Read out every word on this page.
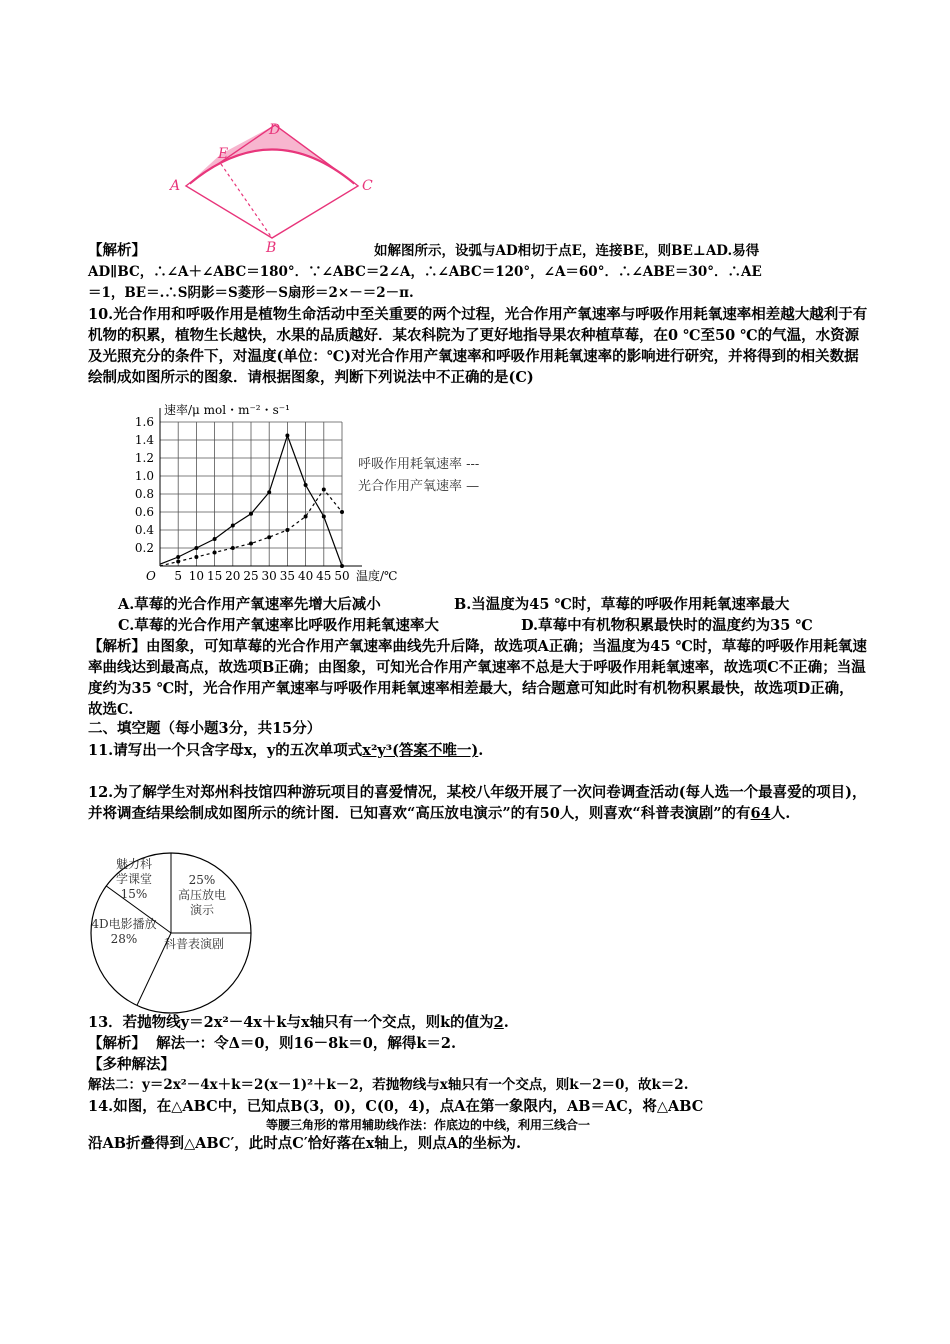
A
B
C
D
E
【解析】	如解图所示，设弧与AD相切于点E，连接BE，则BE⊥AD.易得
AD∥BC，∴∠A＋∠ABC＝180°．∵∠ABC＝2∠A，∴∠ABC＝120°，∠A＝60°．∴∠ABE＝30°．∴AE
＝1，BE＝.∴S阴影＝S菱形－S扇形＝2×－＝2－π.
10.光合作用和呼吸作用是植物生命活动中至关重要的两个过程，光合作用产氧速率与呼吸作用耗氧速率相差越大越利于有机物的积累，植物生长越快，水果的品质越好．某农科院为了更好地指导果农种植草莓，在0 ℃至50 ℃的气温，水资源及光照充分的条件下，对温度(单位：℃)对光合作用产氧速率和呼吸作用耗氧速率的影响进行研究，并将得到的相关数据绘制成如图所示的图象．请根据图象，判断下列说法中不正确的是(C)
速率/μ mol・m⁻²・s⁻¹
温度/℃
O
0.2
0.4
0.6
0.8
1.0
1.2
1.4
1.6
5 10 15 20 25 30 35 40 45 50
呼吸作用耗氧速率 ---
光合作用产氧速率 —
A.草莓的光合作用产氧速率先增大后减小	B.当温度为45 ℃时，草莓的呼吸作用耗氧速率最大
C.草莓的光合作用产氧速率比呼吸作用耗氧速率大	D.草莓中有机物积累最快时的温度约为35 ℃
【解析】由图象，可知草莓的光合作用产氧速率曲线先升后降，故选项A正确；当温度为45 ℃时，草莓的呼吸作用耗氧速率曲线达到最高点，故选项B正确；由图象，可知光合作用产氧速率不总是大于呼吸作用耗氧速率，故选项C不正确；当温度约为35 ℃时，光合作用产氧速率与呼吸作用耗氧速率相差最大，结合题意可知此时有机物积累最快，故选项D正确，故选C.
二、填空题（每小题3分，共15分）
11.请写出一个只含字母x，y的五次单项式x²y³(答案不唯一).
12.为了解学生对郑州科技馆四种游玩项目的喜爱情况，某校八年级开展了一次问卷调查活动(每人选一个最喜爱的项目)，并将调查结果绘制成如图所示的统计图．已知喜欢“高压放电演示”的有50人，则喜欢“科普表演剧”的有64人.
25%
高压放电
演示
科普表演剧
4D电影播放
28%
魅力科
学课堂
15%
13．若抛物线y＝2x²－4x＋k与x轴只有一个交点，则k的值为2.
【解析】 解法一：令Δ＝0，则16－8k＝0，解得k＝2.
【多种解法】
解法二：y＝2x²－4x＋k＝2(x－1)²＋k－2，若抛物线与x轴只有一个交点，则k－2＝0，故k＝2.
14.如图，在△ABC中，已知点B(3，0)，C(0，4)，点A在第一象限内，AB＝AC，将△ABC
等腰三角形的常用辅助线作法：作底边的中线，利用三线合一
沿AB折叠得到△ABC′，此时点C′恰好落在x轴上，则点A的坐标为.
